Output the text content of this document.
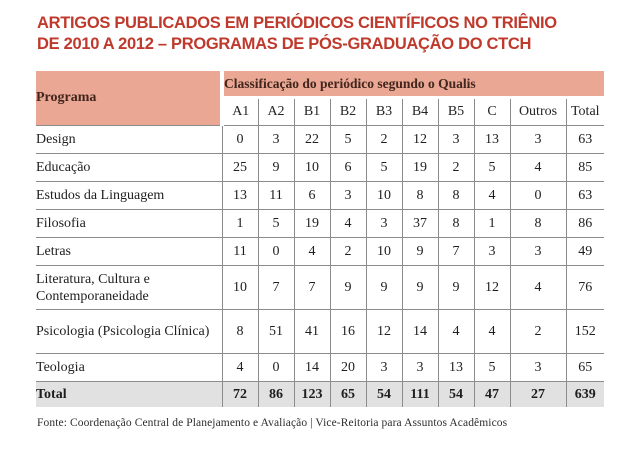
ARTIGOS PUBLICADOS EM PERIÓDICOS CIENTÍFICOS NO TRIÊNIO
DE 2010 A 2012 – PROGRAMAS DE PÓS-GRADUAÇÃO DO CTCH
Programa	Classificação do periódico segundo o Qualis									
	A1	A2	B1	B2	B3	B4	B5	C	Outros	Total
Design	0	3	22	5	2	12	3	13	3	63
Educação	25	9	10	6	5	19	2	5	4	85
Estudos da Linguagem	13	11	6	3	10	8	8	4	0	63
Filosofia	1	5	19	4	3	37	8	1	8	86
Letras	11	0	4	2	10	9	7	3	3	49
Literatura, Cultura e Contemporaneidade	10	7	7	9	9	9	9	12	4	76
Psicologia (Psicologia Clínica)	8	51	41	16	12	14	4	4	2	152
Teologia	4	0	14	20	3	3	13	5	3	65
Total	72	86	123	65	54	111	54	47	27	639

Fonte: Coordenação Central de Planejamento e Avaliação | Vice-Reitoria para Assuntos Acadêmicos
